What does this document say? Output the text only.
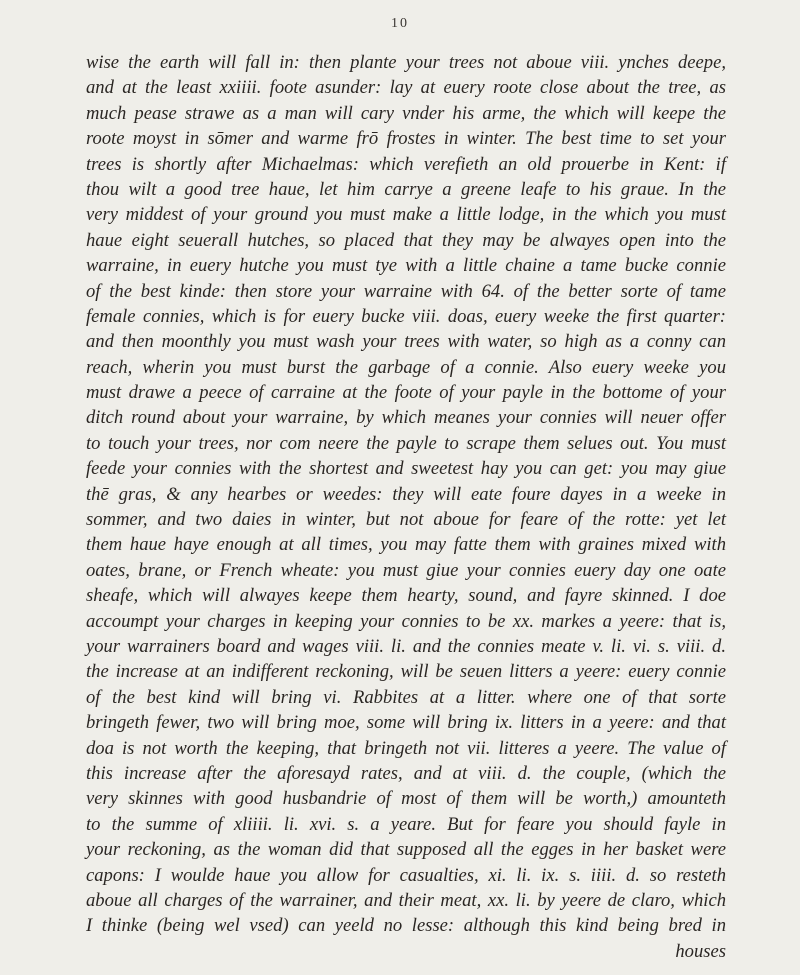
10
wise the earth will fall in: then plante your trees not aboue viii. ynches deepe,
and at the least xxiiii. foote asunder: lay at euery roote close about the tree, as
much pease strawe as a man will cary vnder his arme, the which will keepe the
roote moyst in sōmer and warme frō frostes in winter. The best time to set your
trees is shortly after Michaelmas: which verefieth an old prouerbe in Kent: if
thou wilt a good tree haue, let him carrye a greene leafe to his graue. In the
very middest of your ground you must make a little lodge, in the which you must
haue eight seuerall hutches, so placed that they may be alwayes open into the
warraine, in euery hutche you must tye with a little chaine a tame bucke connie
of the best kinde: then store your warraine with 64. of the better sorte of tame
female connies, which is for euery bucke viii. doas, euery weeke the first quarter:
and then moonthly you must wash your trees with water, so high as a conny can
reach, wherin you must burst the garbage of a connie. Also euery weeke you
must drawe a peece of carraine at the foote of your payle in the bottome of your
ditch round about your warraine, by which meanes your connies will neuer offer
to touch your trees, nor com neere the payle to scrape them selues out. You must
feede your connies with the shortest and sweetest hay you can get: you may giue
thē gras, & any hearbes or weedes: they will eate foure dayes in a weeke in
sommer, and two daies in winter, but not aboue for feare of the rotte: yet let
them haue haye enough at all times, you may fatte them with graines mixed with
oates, brane, or French wheate: you must giue your connies euery day one oate
sheafe, which will alwayes keepe them hearty, sound, and fayre skinned. I doe
accoumpt your charges in keeping your connies to be xx. markes a yeere: that is,
your warrainers board and wages viii. li. and the connies meate v. li. vi. s. viii. d.
the increase at an indifferent reckoning, will be seuen litters a yeere: euery connie
of the best kind will bring vi. Rabbites at a litter. where one of that sorte
bringeth fewer, two will bring moe, some will bring ix. litters in a yeere: and that
doa is not worth the keeping, that bringeth not vii. litteres a yeere. The value of
this increase after the aforesayd rates, and at viii. d. the couple, (which the
very skinnes with good husbandrie of most of them will be worth,) amounteth
to the summe of xliiii. li. xvi. s. a yeare. But for feare you should fayle in
your reckoning, as the woman did that supposed all the egges in her basket were
capons: I woulde haue you allow for casualties, xi. li. ix. s. iiii. d. so resteth
aboue all charges of the warrainer, and their meat, xx. li. by yeere de claro, which
I thinke (being wel vsed) can yeeld no lesse: although this kind being bred in
houses
